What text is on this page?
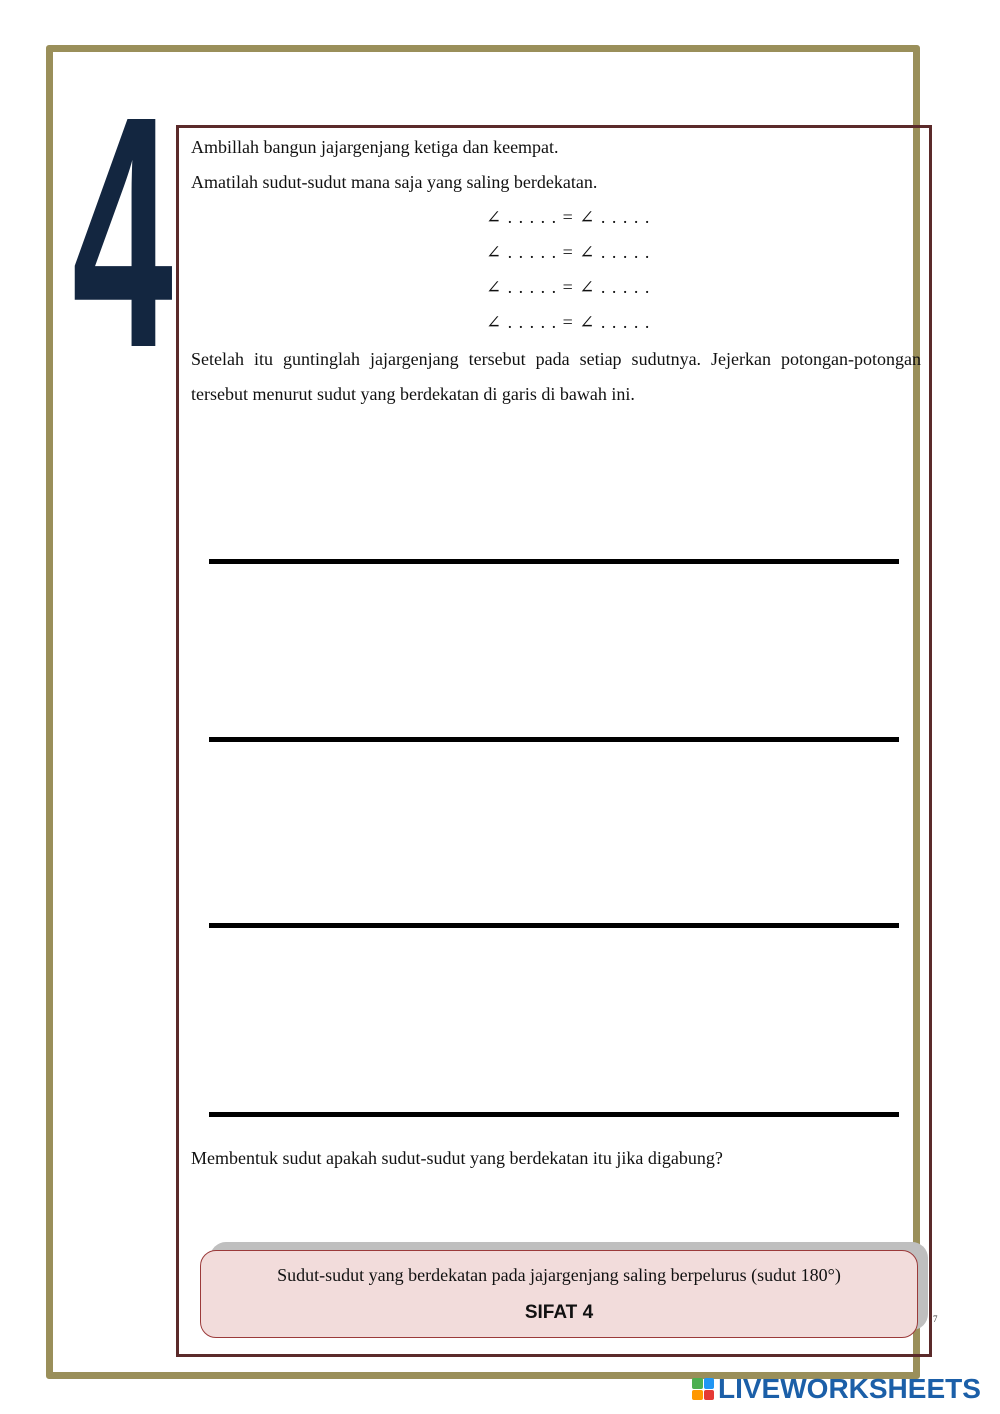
4 Ambillah bangun jajargenjang ketiga dan keempat.
Amatilah sudut-sudut mana saja yang saling berdekatan.
∠ . . . . . = ∠ . . . . .
∠ . . . . . = ∠ . . . . .
∠ . . . . . = ∠ . . . . .
∠ . . . . . = ∠ . . . . .
Setelah itu guntinglah jajargenjang tersebut pada setiap sudutnya. Jejerkan potongan-potongan tersebut menurut sudut yang berdekatan di garis di bawah ini.
Membentuk sudut apakah sudut-sudut yang berdekatan itu jika digabung?
Sudut-sudut yang berdekatan pada jajargenjang saling berpelurus (sudut 180°)
SIFAT 4	7
LIVEWORKSHEETS
